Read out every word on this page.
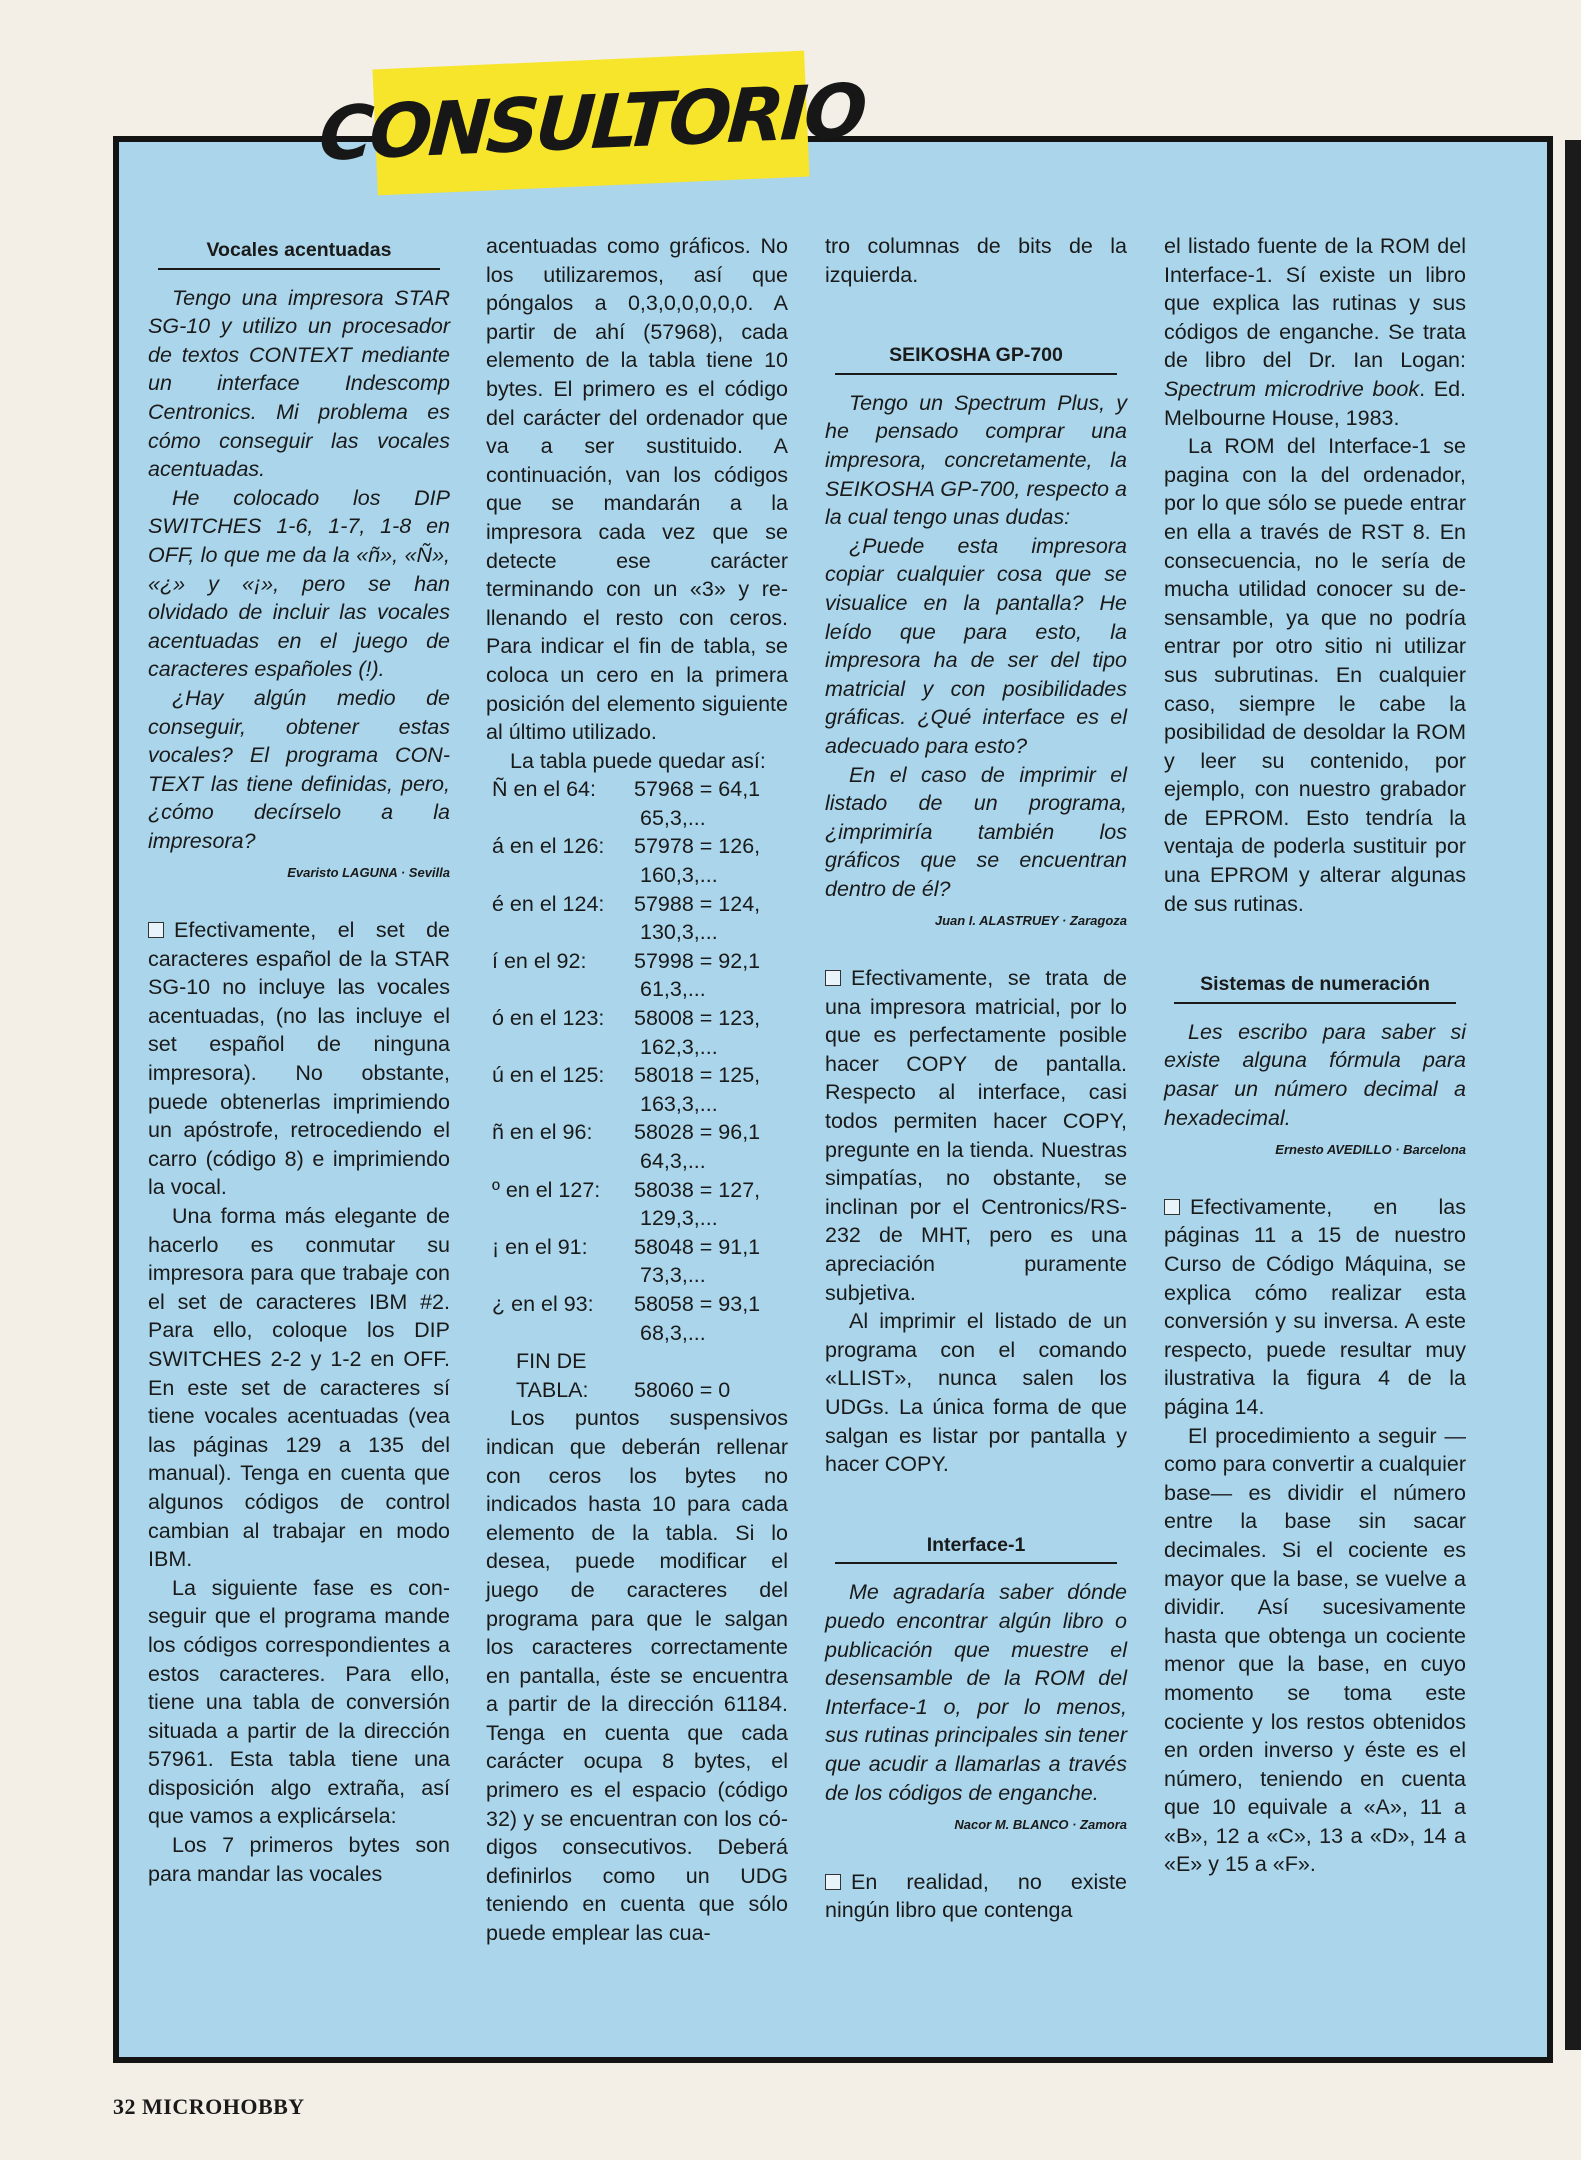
CONSULTORIO

Vocales acentuadas

Tengo una impresora STAR SG-10 y utilizo un procesador de textos CONTEXT mediante un interface Indescomp Centronics. Mi problema es cómo conseguir las vocales acentuadas.

He colocado los DIP SWITCHES 1-6, 1-7, 1-8 en OFF, lo que me da la «ñ», «Ñ», «¿» y «¡», pero se han olvidado de incluir las vocales acentuadas en el juego de caracteres españoles (!).

¿Hay algún medio de conseguir, obtener estas vocales? El programa CONTEXT las tiene definidas, pero, ¿cómo decírselo a la impresora?

Evaristo LAGUNA · Sevilla

Efectivamente, el set de caracteres español de la STAR SG-10 no incluye las vocales acentuadas, (no las incluye el set español de ninguna impresora). No obstante, puede obtenerlas imprimiendo un apóstrofe, retrocediendo el carro (código 8) e imprimiendo la vocal.

Una forma más elegante de hacerlo es conmutar su impresora para que trabaje con el set de caracteres IBM #2. Para ello, coloque los DIP SWITCHES 2-2 y 1-2 en OFF. En este set de caracteres sí tiene vocales acentuadas (vea las páginas 129 a 135 del manual). Tenga en cuenta que algunos códigos de control cambian al trabajar en modo IBM.

La siguiente fase es conseguir que el programa mande los códigos correspondientes a estos caracteres. Para ello, tiene una tabla de conversión situada a partir de la dirección 57961. Esta tabla tiene una disposición algo extraña, así que vamos a explicársela:

Los 7 primeros bytes son para mandar las vocales

acentuadas como gráficos. No los utilizaremos, así que póngalos a 0,3,0,0,0,0,0. A partir de ahí (57968), cada elemento de la tabla tiene 10 bytes. El primero es el código del carácter del ordenador que va a ser sustituido. A continuación, van los códigos que se mandarán a la impresora cada vez que se detecte ese carácter terminando con un «3» y rellenando el resto con ceros. Para indicar el fin de tabla, se coloca un cero en la primera posición del elemento siguiente al último utilizado.

La tabla puede quedar así:

Ñ en el 64:	57968 = 64,1
65,3,...
á en el 126:	57978 = 126,
160,3,...
é en el 124:	57988 = 124,
130,3,...
í en el 92:	57998 = 92,1
61,3,...
ó en el 123:	58008 = 123,
162,3,...
ú en el 125:	58018 = 125,
163,3,...
ñ en el 96:	58028 = 96,1
64,3,...
º en el 127:	58038 = 127,
129,3,...
¡ en el 91:	58048 = 91,1
73,3,...
¿ en el 93:	58058 = 93,1
68,3,...
FIN DE
TABLA:	58060 = 0

Los puntos suspensivos indican que deberán rellenar con ceros los bytes no indicados hasta 10 para cada elemento de la tabla. Si lo desea, puede modificar el juego de caracteres del programa para que le salgan los caracteres correctamente en pantalla, éste se encuentra a partir de la dirección 61184. Tenga en cuenta que cada carácter ocupa 8 bytes, el primero es el espacio (código 32) y se encuentran con los códigos consecutivos. Deberá definirlos como un UDG teniendo en cuenta que sólo puede emplear las cua-

tro columnas de bits de la izquierda.

SEIKOSHA GP-700

Tengo un Spectrum Plus, y he pensado comprar una impresora, concretamente, la SEIKOSHA GP-700, respecto a la cual tengo unas dudas:

¿Puede esta impresora copiar cualquier cosa que se visualice en la pantalla? He leído que para esto, la impresora ha de ser del tipo matricial y con posibilidades gráficas. ¿Qué interface es el adecuado para esto?

En el caso de imprimir el listado de un programa, ¿imprimiría también los gráficos que se encuentran dentro de él?

Juan I. ALASTRUEY · Zaragoza

Efectivamente, se trata de una impresora matricial, por lo que es perfectamente posible hacer COPY de pantalla. Respecto al interface, casi todos permiten hacer COPY, pregunte en la tienda. Nuestras simpatías, no obstante, se inclinan por el Centronics/RS-232 de MHT, pero es una apreciación puramente subjetiva.

Al imprimir el listado de un programa con el comando «LLIST», nunca salen los UDGs. La única forma de que salgan es listar por pantalla y hacer COPY.

Interface-1

Me agradaría saber dónde puedo encontrar algún libro o publicación que muestre el desensamble de la ROM del Interface-1 o, por lo menos, sus rutinas principales sin tener que acudir a llamarlas a través de los códigos de enganche.

Nacor M. BLANCO · Zamora

En realidad, no existe ningún libro que contenga

el listado fuente de la ROM del Interface-1. Sí existe un libro que explica las rutinas y sus códigos de enganche. Se trata de libro del Dr. Ian Logan: Spectrum microdrive book. Ed. Melbourne House, 1983.

La ROM del Interface-1 se pagina con la del ordenador, por lo que sólo se puede entrar en ella a través de RST 8. En consecuencia, no le sería de mucha utilidad conocer su desensamble, ya que no podría entrar por otro sitio ni utilizar sus subrutinas. En cualquier caso, siempre le cabe la posibilidad de desoldar la ROM y leer su contenido, por ejemplo, con nuestro grabador de EPROM. Esto tendría la ventaja de poderla sustituir por una EPROM y alterar algunas de sus rutinas.

Sistemas de numeración

Les escribo para saber si existe alguna fórmula para pasar un número decimal a hexadecimal.

Ernesto AVEDILLO · Barcelona

Efectivamente, en las páginas 11 a 15 de nuestro Curso de Código Máquina, se explica cómo realizar esta conversión y su inversa. A este respecto, puede resultar muy ilustrativa la figura 4 de la página 14.

El procedimiento a seguir —como para convertir a cualquier base— es dividir el número entre la base sin sacar decimales. Si el cociente es mayor que la base, se vuelve a dividir. Así sucesivamente hasta que obtenga un cociente menor que la base, en cuyo momento se toma este cociente y los restos obtenidos en orden inverso y éste es el número, teniendo en cuenta que 10 equivale a «A», 11 a «B», 12 a «C», 13 a «D», 14 a «E» y 15 a «F».

32 MICROHOBBY
